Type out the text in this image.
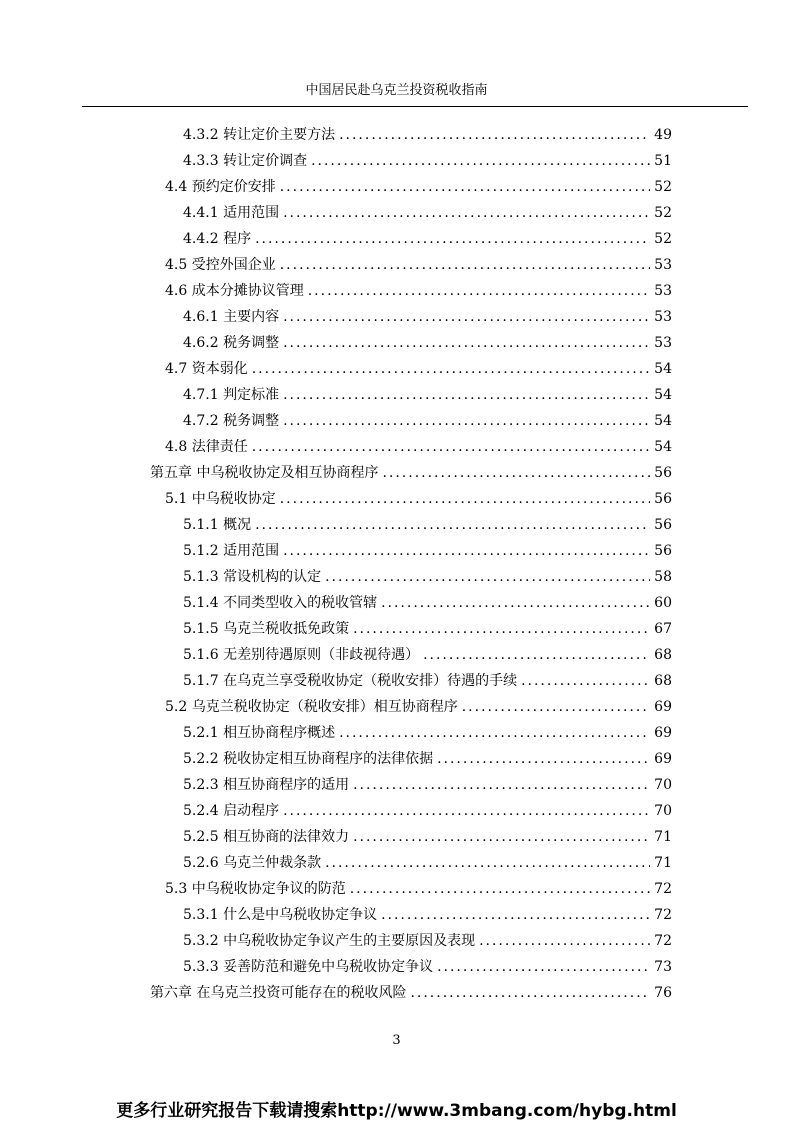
中国居民赴乌克兰投资税收指南
4.3.2 转让定价主要方法 .....	49
4.3.3 转让定价调查 .....	51
4.4 预约定价安排 .....	52
4.4.1 适用范围 .....	52
4.4.2 程序 .....	52
4.5 受控外国企业 .....	53
4.6 成本分摊协议管理 .....	53
4.6.1 主要内容 .....	53
4.6.2 税务调整 .....	53
4.7 资本弱化 .....	54
4.7.1 判定标准 .....	54
4.7.2 税务调整 .....	54
4.8 法律责任 .....	54
第五章 中乌税收协定及相互协商程序 .....	56
5.1 中乌税收协定 .....	56
5.1.1 概况 .....	56
5.1.2 适用范围 .....	56
5.1.3 常设机构的认定 .....	58
5.1.4 不同类型收入的税收管辖 .....	60
5.1.5 乌克兰税收抵免政策 .....	67
5.1.6 无差别待遇原则（非歧视待遇） .....	68
5.1.7 在乌克兰享受税收协定（税收安排）待遇的手续 .....	68
5.2 乌克兰税收协定（税收安排）相互协商程序 .....	69
5.2.1 相互协商程序概述 .....	69
5.2.2 税收协定相互协商程序的法律依据 .....	69
5.2.3 相互协商程序的适用 .....	70
5.2.4 启动程序 .....	70
5.2.5 相互协商的法律效力 .....	71
5.2.6 乌克兰仲裁条款 .....	71
5.3 中乌税收协定争议的防范 .....	72
5.3.1 什么是中乌税收协定争议 .....	72
5.3.2 中乌税收协定争议产生的主要原因及表现 .....	72
5.3.3 妥善防范和避免中乌税收协定争议 .....	73
第六章 在乌克兰投资可能存在的税收风险 .....	76
3
更多行业研究报告下载请搜索http://www.3mbang.com/hybg.html
